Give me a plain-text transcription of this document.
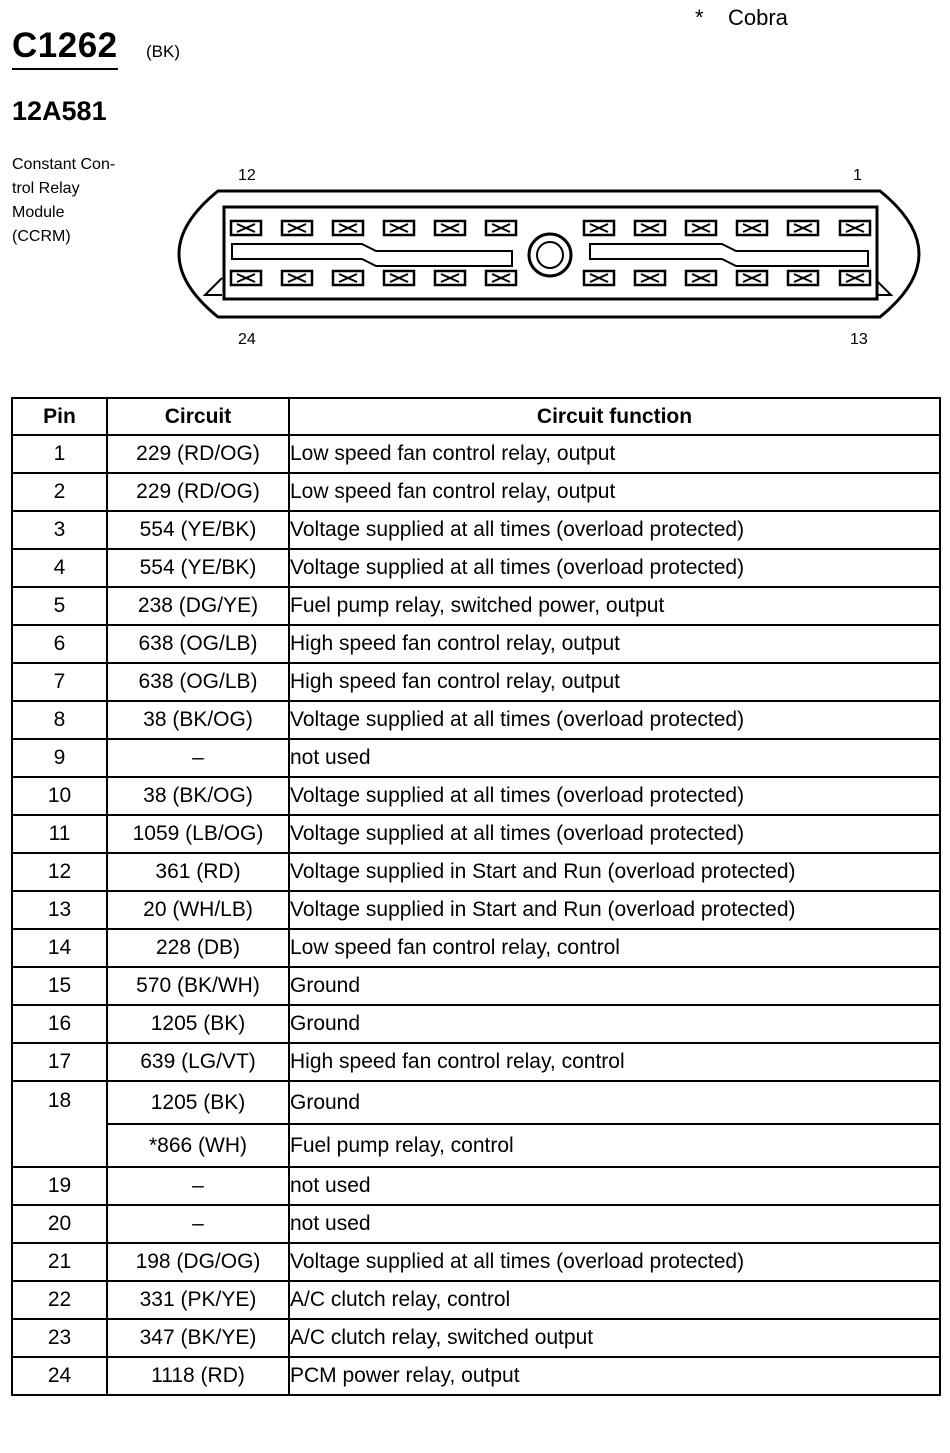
* Cobra
C1262 (BK)
12A581
Constant Con-
trol Relay
Module
(CCRM)
12	1
24	13
Pin	Circuit	Circuit function
1	229 (RD/OG)	Low speed fan control relay, output
2	229 (RD/OG)	Low speed fan control relay, output
3	554 (YE/BK)	Voltage supplied at all times (overload protected)
4	554 (YE/BK)	Voltage supplied at all times (overload protected)
5	238 (DG/YE)	Fuel pump relay, switched power, output
6	638 (OG/LB)	High speed fan control relay, output
7	638 (OG/LB)	High speed fan control relay, output
8	38 (BK/OG)	Voltage supplied at all times (overload protected)
9	–	not used
10	38 (BK/OG)	Voltage supplied at all times (overload protected)
11	1059 (LB/OG)	Voltage supplied at all times (overload protected)
12	361 (RD)	Voltage supplied in Start and Run (overload protected)
13	20 (WH/LB)	Voltage supplied in Start and Run (overload protected)
14	228 (DB)	Low speed fan control relay, control
15	570 (BK/WH)	Ground
16	1205 (BK)	Ground
17	639 (LG/VT)	High speed fan control relay, control
18	1205 (BK)	Ground
	*866 (WH)	Fuel pump relay, control
19	–	not used
20	–	not used
21	198 (DG/OG)	Voltage supplied at all times (overload protected)
22	331 (PK/YE)	A/C clutch relay, control
23	347 (BK/YE)	A/C clutch relay, switched output
24	1118 (RD)	PCM power relay, output
